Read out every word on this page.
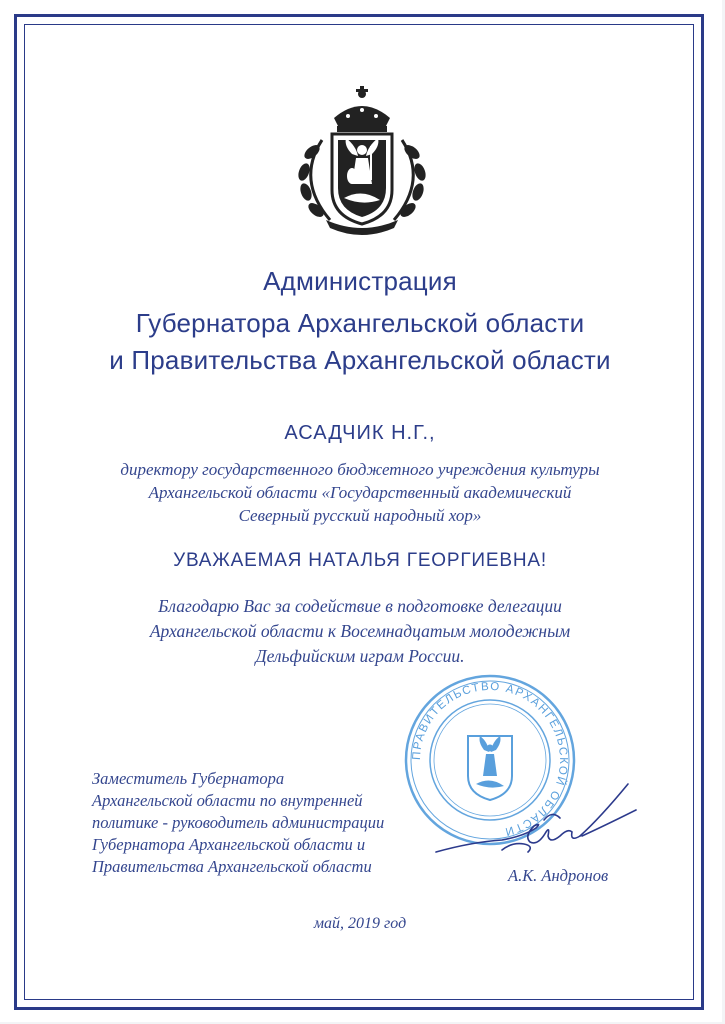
Администрация
Губернатора Архангельской области
и Правительства Архангельской области
АСАДЧИК Н.Г.,
директору государственного бюджетного учреждения культуры
Архангельской области «Государственный академический
Северный русский народный хор»
УВАЖАЕМАЯ НАТАЛЬЯ ГЕОРГИЕВНА!
Благодарю Вас за содействие в подготовке делегации
Архангельской области к Восемнадцатым молодежным
Дельфийским играм России.
ПРАВИТЕЛЬСТВО АРХАНГЕЛЬСКОЙ ОБЛАСТИ
Заместитель Губернатора
Архангельской области по внутренней
политике - руководитель администрации
Губернатора Архангельской области и
Правительства Архангельской области	А.К. Андронов
май, 2019 год
